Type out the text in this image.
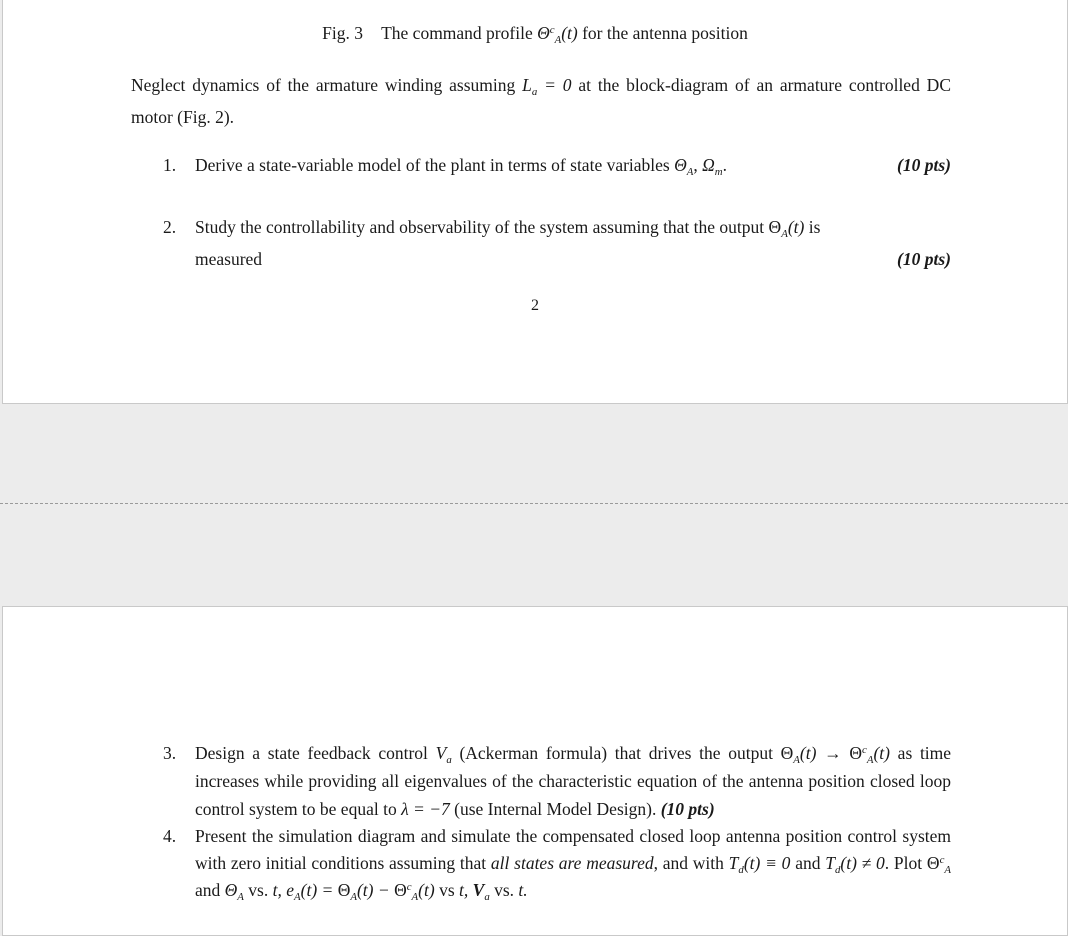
Fig. 3 The command profile $\Theta^c_A(t)$ for the antenna position
Neglect dynamics of the armature winding assuming $L_a = 0$ at the block-diagram of an armature controlled DC motor (Fig. 2).
1. Derive a state-variable model of the plant in terms of state variables $\Theta_A$, $\Omega_m$.	(10 pts)
2. Study the controllability and observability of the system assuming that the output $\Theta_A(t)$ is
measured	(10 pts)
2
3. Design a state feedback control $V_a$ (Ackerman formula) that drives the output $\Theta_A(t) \to \Theta^c_A(t)$ as time increases while providing all eigenvalues of the characteristic equation of the antenna position closed loop control system to be equal to λ = −7 (use Internal Model Design). (10 pts)
4. Present the simulation diagram and simulate the compensated closed loop antenna position control system with zero initial conditions assuming that all states are measured, and with $T_d(t) \equiv 0$ and $T_d(t) \ne 0$. Plot $\Theta^c_A$ and $\Theta_A$ vs. t, $e_A(t) = \Theta_A(t) - \Theta^c_A(t)$ vs t, $V_a$ vs. t.
